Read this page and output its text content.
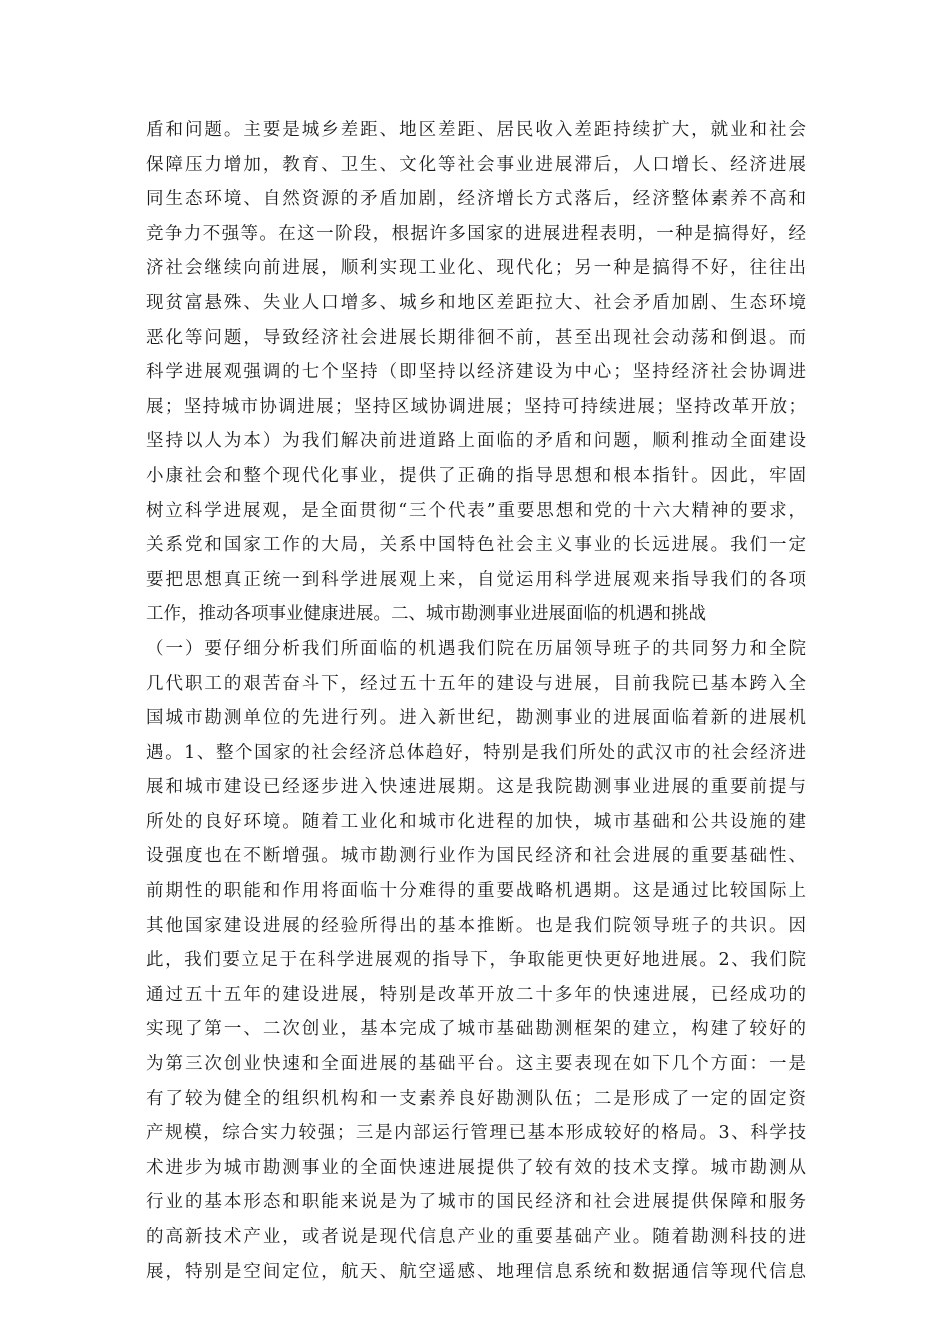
盾和问题。主要是城乡差距、地区差距、居民收入差距持续扩大，就业和社会
保障压力增加，教育、卫生、文化等社会事业进展滞后，人口增长、经济进展
同生态环境、自然资源的矛盾加剧，经济增长方式落后，经济整体素养不高和
竞争力不强等。在这一阶段，根据许多国家的进展进程表明，一种是搞得好，经
济社会继续向前进展，顺利实现工业化、现代化；另一种是搞得不好，往往出
现贫富悬殊、失业人口增多、城乡和地区差距拉大、社会矛盾加剧、生态环境
恶化等问题，导致经济社会进展长期徘徊不前，甚至出现社会动荡和倒退。而
科学进展观强调的七个坚持（即坚持以经济建设为中心；坚持经济社会协调进
展；坚持城市协调进展；坚持区域协调进展；坚持可持续进展；坚持改革开放；
坚持以人为本）为我们解决前进道路上面临的矛盾和问题，顺利推动全面建设
小康社会和整个现代化事业，提供了正确的指导思想和根本指针。因此，牢固
树立科学进展观，是全面贯彻“三个代表”重要思想和党的十六大精神的要求，
关系党和国家工作的大局，关系中国特色社会主义事业的长远进展。我们一定
要把思想真正统一到科学进展观上来，自觉运用科学进展观来指导我们的各项
工作，推动各项事业健康进展。二、城市勘测事业进展面临的机遇和挑战
（一）要仔细分析我们所面临的机遇我们院在历届领导班子的共同努力和全院
几代职工的艰苦奋斗下，经过五十五年的建设与进展，目前我院已基本跨入全
国城市勘测单位的先进行列。进入新世纪，勘测事业的进展面临着新的进展机
遇。1、整个国家的社会经济总体趋好，特别是我们所处的武汉市的社会经济进
展和城市建设已经逐步进入快速进展期。这是我院勘测事业进展的重要前提与
所处的良好环境。随着工业化和城市化进程的加快，城市基础和公共设施的建
设强度也在不断增强。城市勘测行业作为国民经济和社会进展的重要基础性、
前期性的职能和作用将面临十分难得的重要战略机遇期。这是通过比较国际上
其他国家建设进展的经验所得出的基本推断。也是我们院领导班子的共识。因
此，我们要立足于在科学进展观的指导下，争取能更快更好地进展。2、我们院
通过五十五年的建设进展，特别是改革开放二十多年的快速进展，已经成功的
实现了第一、二次创业，基本完成了城市基础勘测框架的建立，构建了较好的
为第三次创业快速和全面进展的基础平台。这主要表现在如下几个方面：一是
有了较为健全的组织机构和一支素养良好勘测队伍；二是形成了一定的固定资
产规模，综合实力较强；三是内部运行管理已基本形成较好的格局。3、科学技
术进步为城市勘测事业的全面快速进展提供了较有效的技术支撑。城市勘测从
行业的基本形态和职能来说是为了城市的国民经济和社会进展提供保障和服务
的高新技术产业，或者说是现代信息产业的重要基础产业。随着勘测科技的进
展，特别是空间定位，航天、航空遥感、地理信息系统和数据通信等现代信息
